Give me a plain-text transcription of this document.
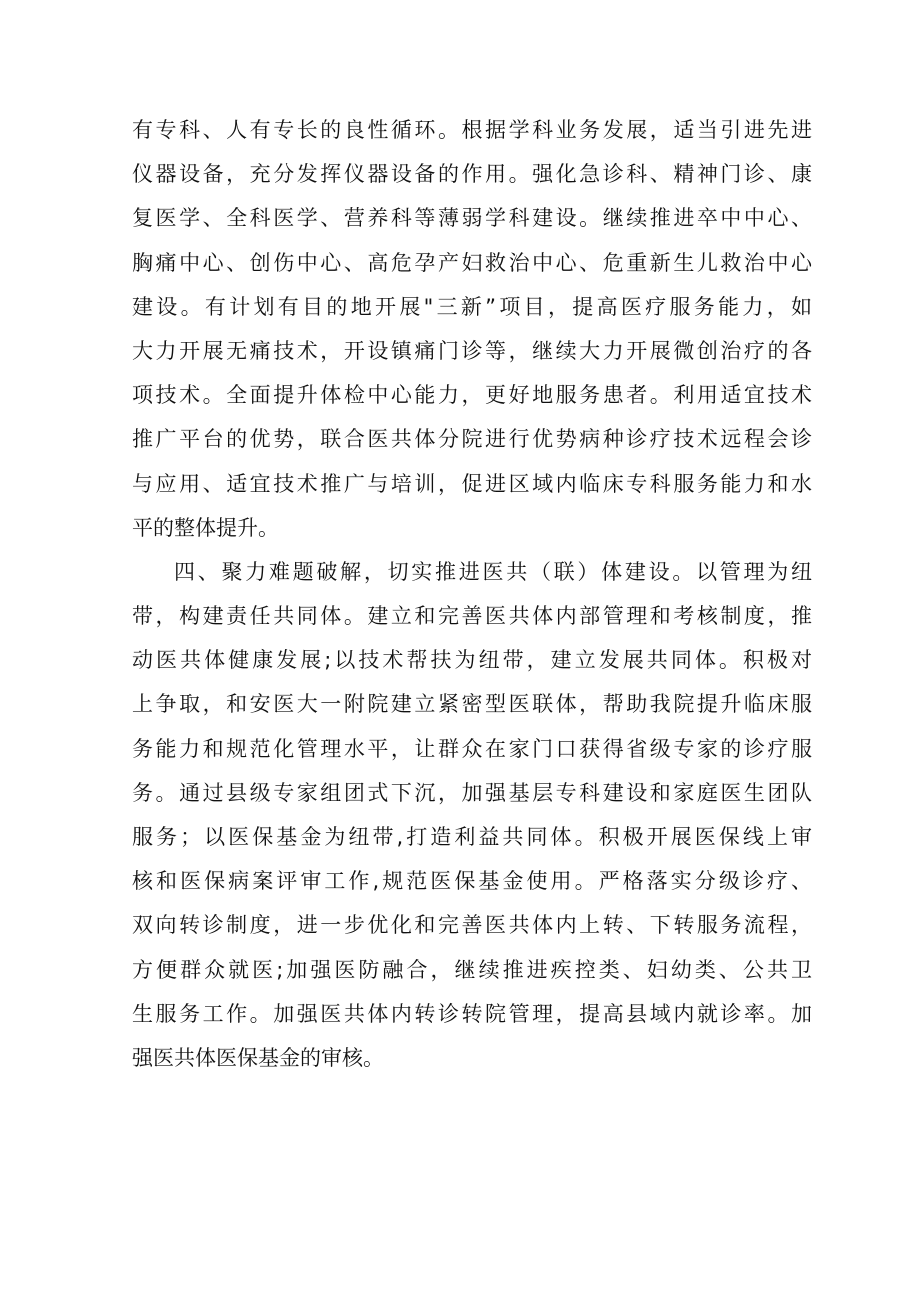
有专科、人有专长的良性循环。根据学科业务发展，适当引进先进
仪器设备，充分发挥仪器设备的作用。强化急诊科、精神门诊、康
复医学、全科医学、营养科等薄弱学科建设。继续推进卒中中心、
胸痛中心、创伤中心、高危孕产妇救治中心、危重新生儿救治中心
建设。有计划有目的地开展"三新”项目，提高医疗服务能力，如
大力开展无痛技术，开设镇痛门诊等，继续大力开展微创治疗的各
项技术。全面提升体检中心能力，更好地服务患者。利用适宜技术
推广平台的优势，联合医共体分院进行优势病种诊疗技术远程会诊
与应用、适宜技术推广与培训，促进区域内临床专科服务能力和水
平的整体提升。
四、聚力难题破解，切实推进医共（联）体建设。以管理为纽
带，构建责任共同体。建立和完善医共体内部管理和考核制度，推
动医共体健康发展;以技术帮扶为纽带，建立发展共同体。积极对
上争取，和安医大一附院建立紧密型医联体，帮助我院提升临床服
务能力和规范化管理水平，让群众在家门口获得省级专家的诊疗服
务。通过县级专家组团式下沉，加强基层专科建设和家庭医生团队
服务；以医保基金为纽带,打造利益共同体。积极开展医保线上审
核和医保病案评审工作,规范医保基金使用。严格落实分级诊疗、
双向转诊制度，进一步优化和完善医共体内上转、下转服务流程，
方便群众就医;加强医防融合，继续推进疾控类、妇幼类、公共卫
生服务工作。加强医共体内转诊转院管理，提高县域内就诊率。加
强医共体医保基金的审核。
